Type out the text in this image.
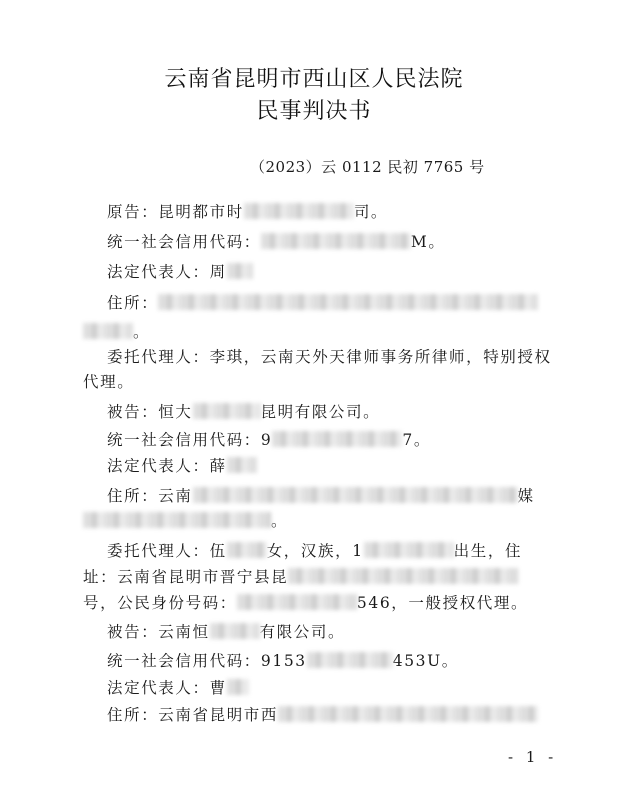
云南省昆明市西山区人民法院
民事判决书
（2023）云 0112 民初 7765 号
原告：昆明都市时	司。
统一社会信用代码：	M。
法定代表人：周
住所：
。
委托代理人：李琪，云南天外天律师事务所律师，特别授权
代理。
被告：恒大	昆明有限公司。
统一社会信用代码：9	7。
法定代表人：薛
住所：云南	媒
。
委托代理人：伍	女，汉族，1	出生，住
址：云南省昆明市晋宁县昆
号，公民身份号码：	546，一般授权代理。
被告：云南恒	有限公司。
统一社会信用代码：9153	453U。
法定代表人：曹
住所：云南省昆明市西
- 1 -
